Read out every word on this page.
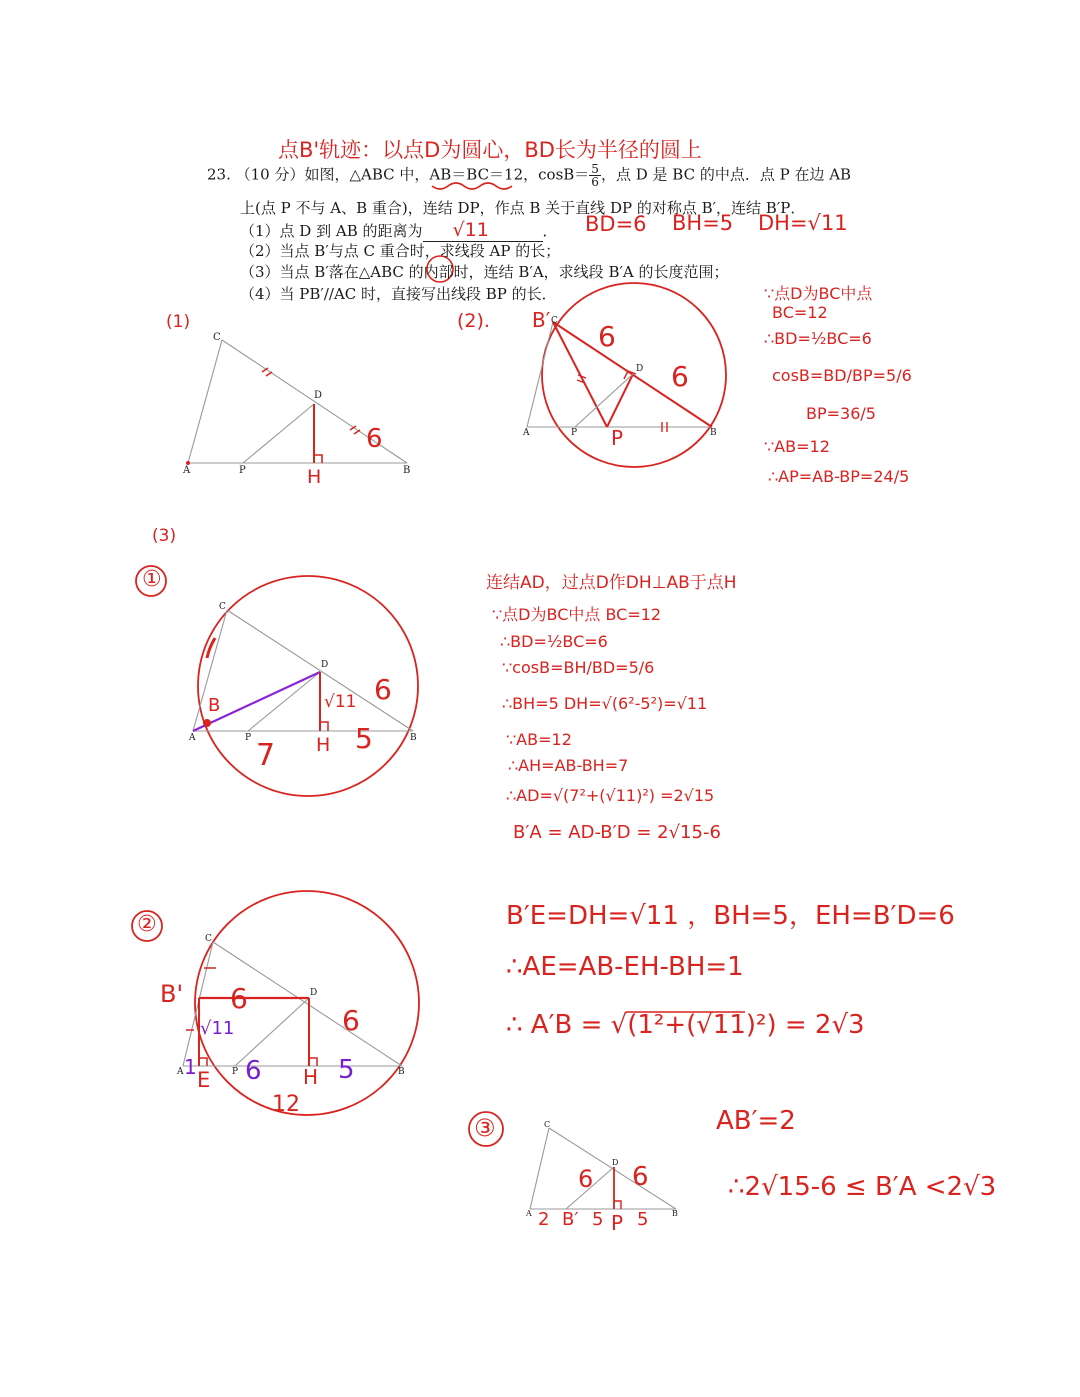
点B'轨迹：以点D为圆心，BD长为半径的圆上
23. （10 分）如图，△ABC 中，AB＝BC＝12，$\cos B= \frac{5}{6}$ ，点 D 是 BC 的中点．点 P 在边 AB
上(点 P 不与 A、B 重合)，连结 DP，作点 B 关于直线 DP 的对称点 B′，连结 B′P．
（1）点 D 到 AB 的距离为 √11	．
（2）当点 B′与点 C 重合时，求线段 AP 的长；
（3）当点 B′落在△ABC 的内部时，连结 B′A，求线段 B′A 的长度范围；
（4）当 PB′//AC 时，直接写出线段 BP 的长．
BD=6 BH=5 DH=√11
(1)
C
D
A	P	B
H
6
(2). B′ C
D
A	P	B
P
6
6
∵点D为BC中点
BC=12
∴BD=½BC=6
cosB=BD/BP=5/6
BP=36/5
∵AB=12
∴AP=AB-BP=24/5
(3)
①
C
D
A	P	B
B
H
√11 6
7	5
连结AD，过点D作DH⊥AB于点H
∵点D为BC中点 BC=12
∴BD=½BC=6
∵cosB=BH/BD=5/6
∴BH=5 DH=√(6²-5²)=√11
∵AB=12
∴AH=AB-BH=7
∴AD=√(7²+(√11)²) =2√15
B′A = AD-B′D = 2√15-6
②
C
D
A	P	B
B'
E	H
6
6
√11
1 6	5
12
B′E=DH=√11 ，BH=5，EH=B′D=6
∴AE=AB-EH-BH=1
∴ A′B = √(1²+(√11)²) = 2√3
③	C
D
A	B
6 6
2 B′ 5 P 5
AB′=2
∴2√15-6 ≤ B′A <2√3
